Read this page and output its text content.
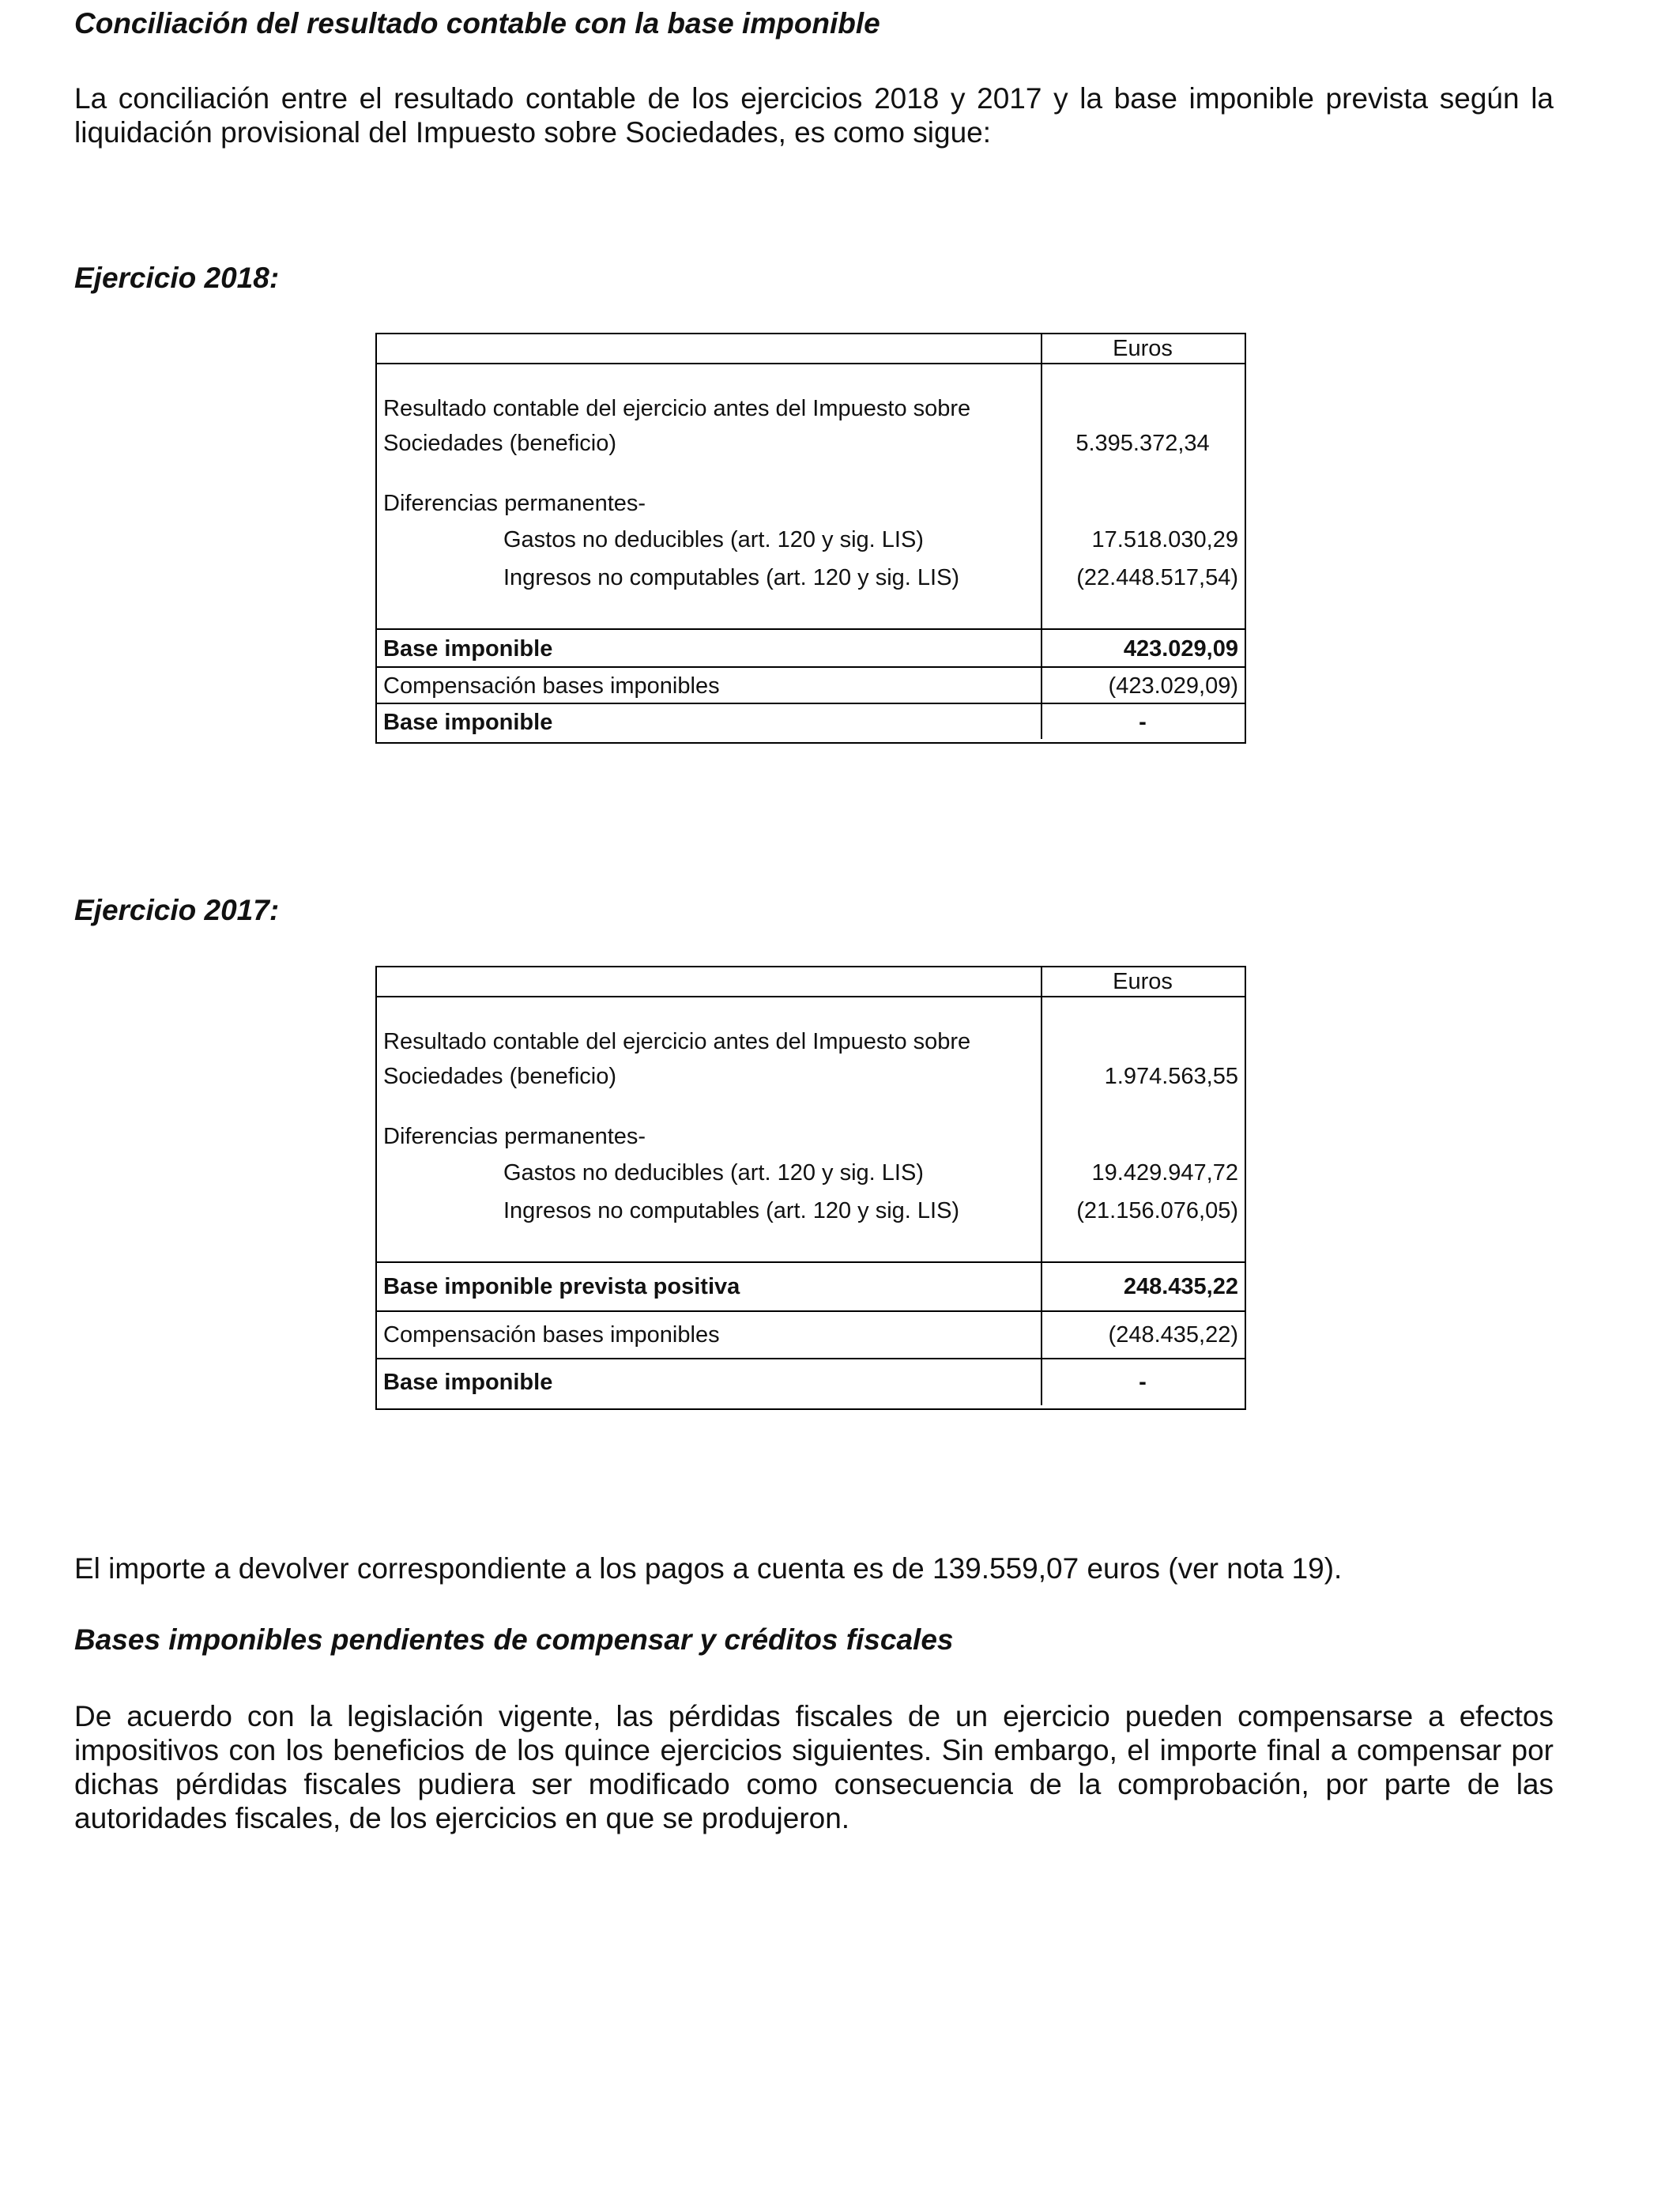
Conciliación del resultado contable con la base imponible

La conciliación entre el resultado contable de los ejercicios 2018 y 2017 y la base imponible prevista según la liquidación provisional del Impuesto sobre Sociedades, es como sigue:

Ejercicio 2018:
Euros
Resultado contable del ejercicio antes del Impuesto sobre
Sociedades (beneficio)	5.395.372,34
Diferencias permanentes-
Gastos no deducibles (art. 120 y sig. LIS)	17.518.030,29
Ingresos no computables (art. 120 y sig. LIS)	(22.448.517,54)
Base imponible	423.029,09
Compensación bases imponibles	(423.029,09)
Base imponible	-
Ejercicio 2017:
Euros
Resultado contable del ejercicio antes del Impuesto sobre
Sociedades (beneficio)	1.974.563,55
Diferencias permanentes-
Gastos no deducibles (art. 120 y sig. LIS)	19.429.947,72
Ingresos no computables (art. 120 y sig. LIS)	(21.156.076,05)
Base imponible prevista positiva	248.435,22
Compensación bases imponibles	(248.435,22)
Base imponible	-

El importe a devolver correspondiente a los pagos a cuenta es de 139.559,07 euros (ver nota 19).

Bases imponibles pendientes de compensar y créditos fiscales

De acuerdo con la legislación vigente, las pérdidas fiscales de un ejercicio pueden compensarse a efectos impositivos con los beneficios de los quince ejercicios siguientes. Sin embargo, el importe final a compensar por dichas pérdidas fiscales pudiera ser modificado como consecuencia de la comprobación, por parte de las autoridades fiscales, de los ejercicios en que se produjeron.
